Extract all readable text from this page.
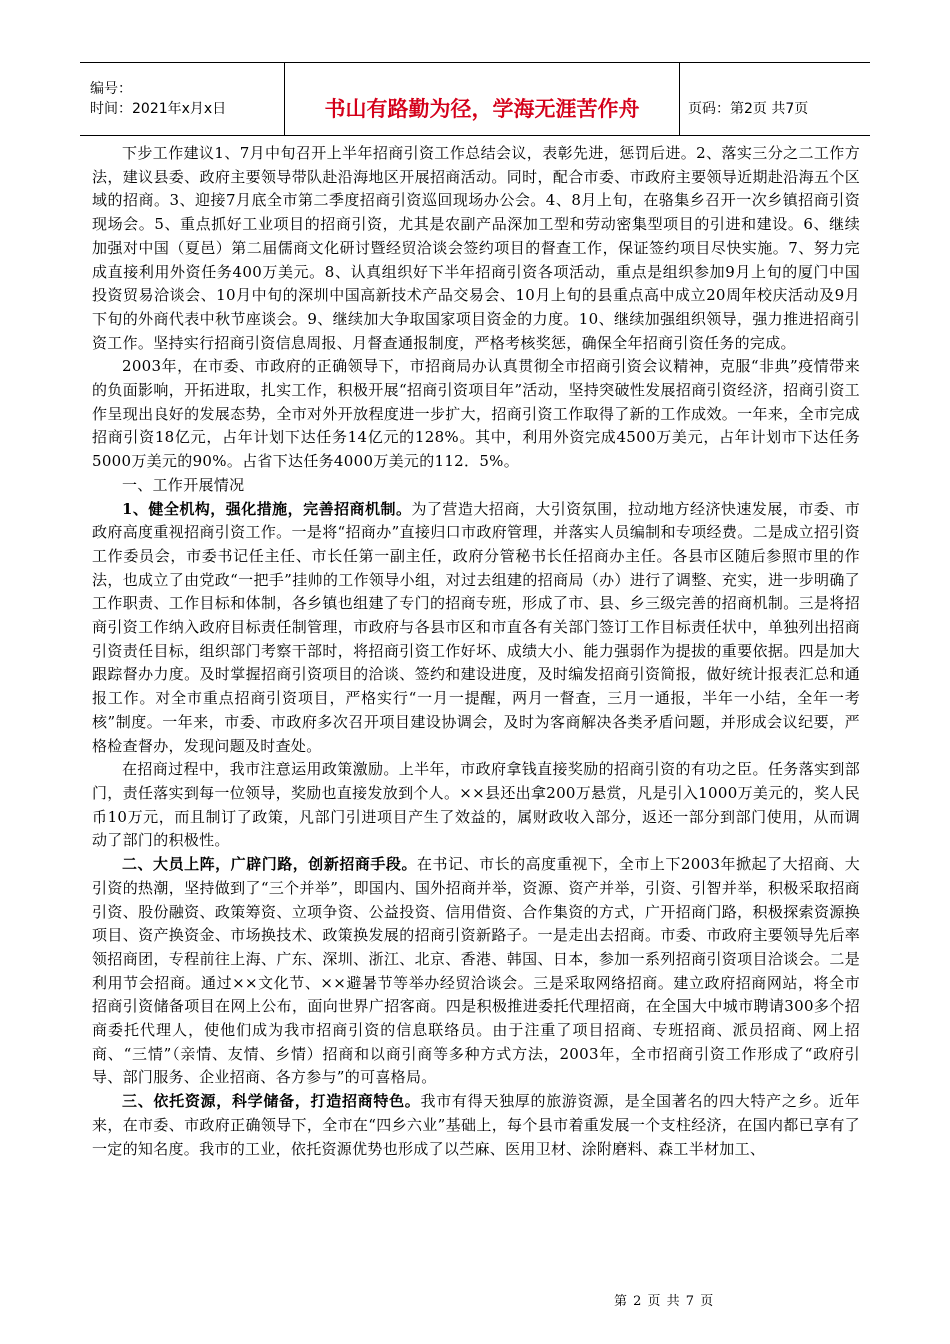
编号：
时间：2021年x月x日	书山有路勤为径，学海无涯苦作舟	页码：第2页 共7页

下步工作建议1、7月中旬召开上半年招商引资工作总结会议，表彰先进，惩罚后进。2、落实三分之二工作方法，建议县委、政府主要领导带队赴沿海地区开展招商活动。同时，配合市委、市政府主要领导近期赴沿海五个区域的招商。3、迎接7月底全市第二季度招商引资巡回现场办公会。4、8月上旬，在骆集乡召开一次乡镇招商引资现场会。5、重点抓好工业项目的招商引资，尤其是农副产品深加工型和劳动密集型项目的引进和建设。6、继续加强对中国（夏邑）第二届儒商文化研讨暨经贸洽谈会签约项目的督查工作，保证签约项目尽快实施。7、努力完成直接利用外资任务400万美元。8、认真组织好下半年招商引资各项活动，重点是组织参加9月上旬的厦门中国投资贸易洽谈会、10月中旬的深圳中国高新技术产品交易会、10月上旬的县重点高中成立20周年校庆活动及9月下旬的外商代表中秋节座谈会。9、继续加大争取国家项目资金的力度。10、继续加强组织领导，强力推进招商引资工作。坚持实行招商引资信息周报、月督查通报制度，严格考核奖惩，确保全年招商引资任务的完成。

2003年，在市委、市政府的正确领导下，市招商局办认真贯彻全市招商引资会议精神，克服“非典”疫情带来的负面影响，开拓进取，扎实工作，积极开展“招商引资项目年”活动，坚持突破性发展招商引资经济，招商引资工作呈现出良好的发展态势，全市对外开放程度进一步扩大，招商引资工作取得了新的工作成效。一年来，全市完成招商引资18亿元，占年计划下达任务14亿元的128%。其中，利用外资完成4500万美元，占年计划市下达任务5000万美元的90%。占省下达任务4000万美元的112．5%。

一、工作开展情况

1、健全机构，强化措施，完善招商机制。为了营造大招商，大引资氛围，拉动地方经济快速发展，市委、市政府高度重视招商引资工作。一是将“招商办”直接归口市政府管理，并落实人员编制和专项经费。二是成立招引资工作委员会，市委书记任主任、市长任第一副主任，政府分管秘书长任招商办主任。各县市区随后参照市里的作法，也成立了由党政“一把手”挂帅的工作领导小组，对过去组建的招商局（办）进行了调整、充实，进一步明确了工作职责、工作目标和体制，各乡镇也组建了专门的招商专班，形成了市、县、乡三级完善的招商机制。三是将招商引资工作纳入政府目标责任制管理，市政府与各县市区和市直各有关部门签订工作目标责任状中，单独列出招商引资责任目标，组织部门考察干部时，将招商引资工作好坏、成绩大小、能力强弱作为提拔的重要依据。四是加大跟踪督办力度。及时掌握招商引资项目的洽谈、签约和建设进度，及时编发招商引资简报，做好统计报表汇总和通报工作。对全市重点招商引资项目，严格实行“一月一提醒，两月一督查，三月一通报，半年一小结，全年一考核”制度。一年来，市委、市政府多次召开项目建设协调会，及时为客商解决各类矛盾问题，并形成会议纪要，严格检查督办，发现问题及时查处。

在招商过程中，我市注意运用政策激励。上半年，市政府拿钱直接奖励的招商引资的有功之臣。任务落实到部门，责任落实到每一位领导，奖励也直接发放到个人。××县还出拿200万悬赏，凡是引入1000万美元的，奖人民币10万元，而且制订了政策，凡部门引进项目产生了效益的，属财政收入部分，返还一部分到部门使用，从而调动了部门的积极性。

二、大员上阵，广辟门路，创新招商手段。在书记、市长的高度重视下，全市上下2003年掀起了大招商、大引资的热潮，坚持做到了“三个并举”，即国内、国外招商并举，资源、资产并举，引资、引智并举，积极采取招商引资、股份融资、政策筹资、立项争资、公益投资、信用借资、合作集资的方式，广开招商门路，积极探索资源换项目、资产换资金、市场换技术、政策换发展的招商引资新路子。一是走出去招商。市委、市政府主要领导先后率领招商团，专程前往上海、广东、深圳、浙江、北京、香港、韩国、日本，参加一系列招商引资项目洽谈会。二是利用节会招商。通过××文化节、××避暑节等举办经贸洽谈会。三是采取网络招商。建立政府招商网站，将全市招商引资储备项目在网上公布，面向世界广招客商。四是积极推进委托代理招商，在全国大中城市聘请300多个招商委托代理人，使他们成为我市招商引资的信息联络员。由于注重了项目招商、专班招商、派员招商、网上招商、“三情”（亲情、友情、乡情）招商和以商引商等多种方式方法，2003年，全市招商引资工作形成了“政府引导、部门服务、企业招商、各方参与”的可喜格局。

三、依托资源，科学储备，打造招商特色。我市有得天独厚的旅游资源，是全国著名的四大特产之乡。近年来，在市委、市政府正确领导下，全市在“四乡六业”基础上，每个县市着重发展一个支柱经济，在国内都已享有了一定的知名度。我市的工业，依托资源优势也形成了以苎麻、医用卫材、涂附磨料、森工半材加工、

第 2 页 共 7 页
